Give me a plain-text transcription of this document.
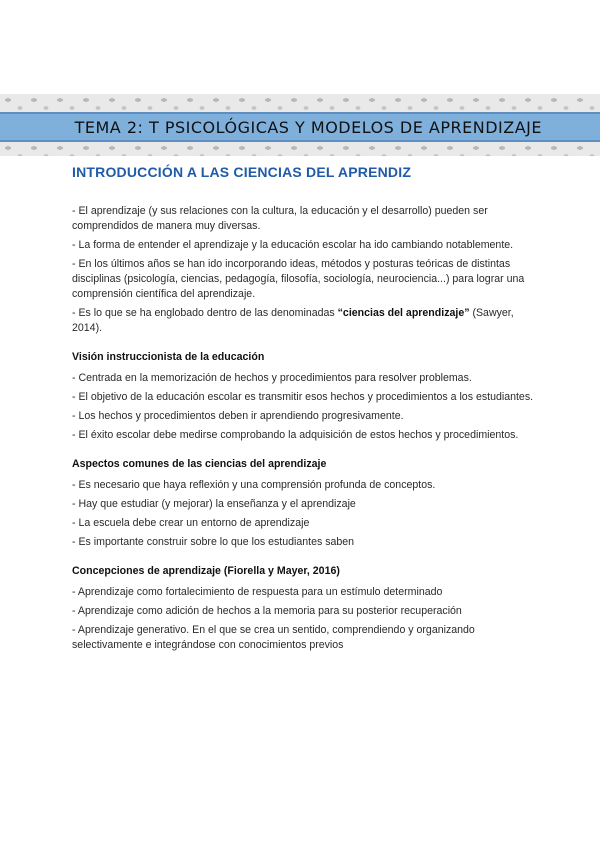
TEMA 2: T PSICOLÓGICAS Y MODELOS DE APRENDIZAJE
INTRODUCCIÓN A LAS CIENCIAS DEL APRENDIZ

- El aprendizaje (y sus relaciones con la cultura, la educación y el desarrollo) pueden ser comprendidos de manera muy diversas.

- La forma de entender el aprendizaje y la educación escolar ha ido cambiando notablemente.

- En los últimos años se han ido incorporando ideas, métodos y posturas teóricas de distintas disciplinas (psicología, ciencias, pedagogía, filosofía, sociología, neurociencia...) para lograr una comprensión científica del aprendizaje.

- Es lo que se ha englobado dentro de las denominadas “ciencias del aprendizaje” (Sawyer, 2014).

Visión instruccionista de la educación

- Centrada en la memorización de hechos y procedimientos para resolver problemas.

- El objetivo de la educación escolar es transmitir esos hechos y procedimientos a los estudiantes.

- Los hechos y procedimientos deben ir aprendiendo progresivamente.

- El éxito escolar debe medirse comprobando la adquisición de estos hechos y procedimientos.

Aspectos comunes de las ciencias del aprendizaje

- Es necesario que haya reflexión y una comprensión profunda de conceptos.

- Hay que estudiar (y mejorar) la enseñanza y el aprendizaje

- La escuela debe crear un entorno de aprendizaje

- Es importante construir sobre lo que los estudiantes saben

Concepciones de aprendizaje (Fiorella y Mayer, 2016)

- Aprendizaje como fortalecimiento de respuesta para un estímulo determinado

- Aprendizaje como adición de hechos a la memoria para su posterior recuperación

- Aprendizaje generativo. En el que se crea un sentido, comprendiendo y organizando selectivamente e integrándose con conocimientos previos
